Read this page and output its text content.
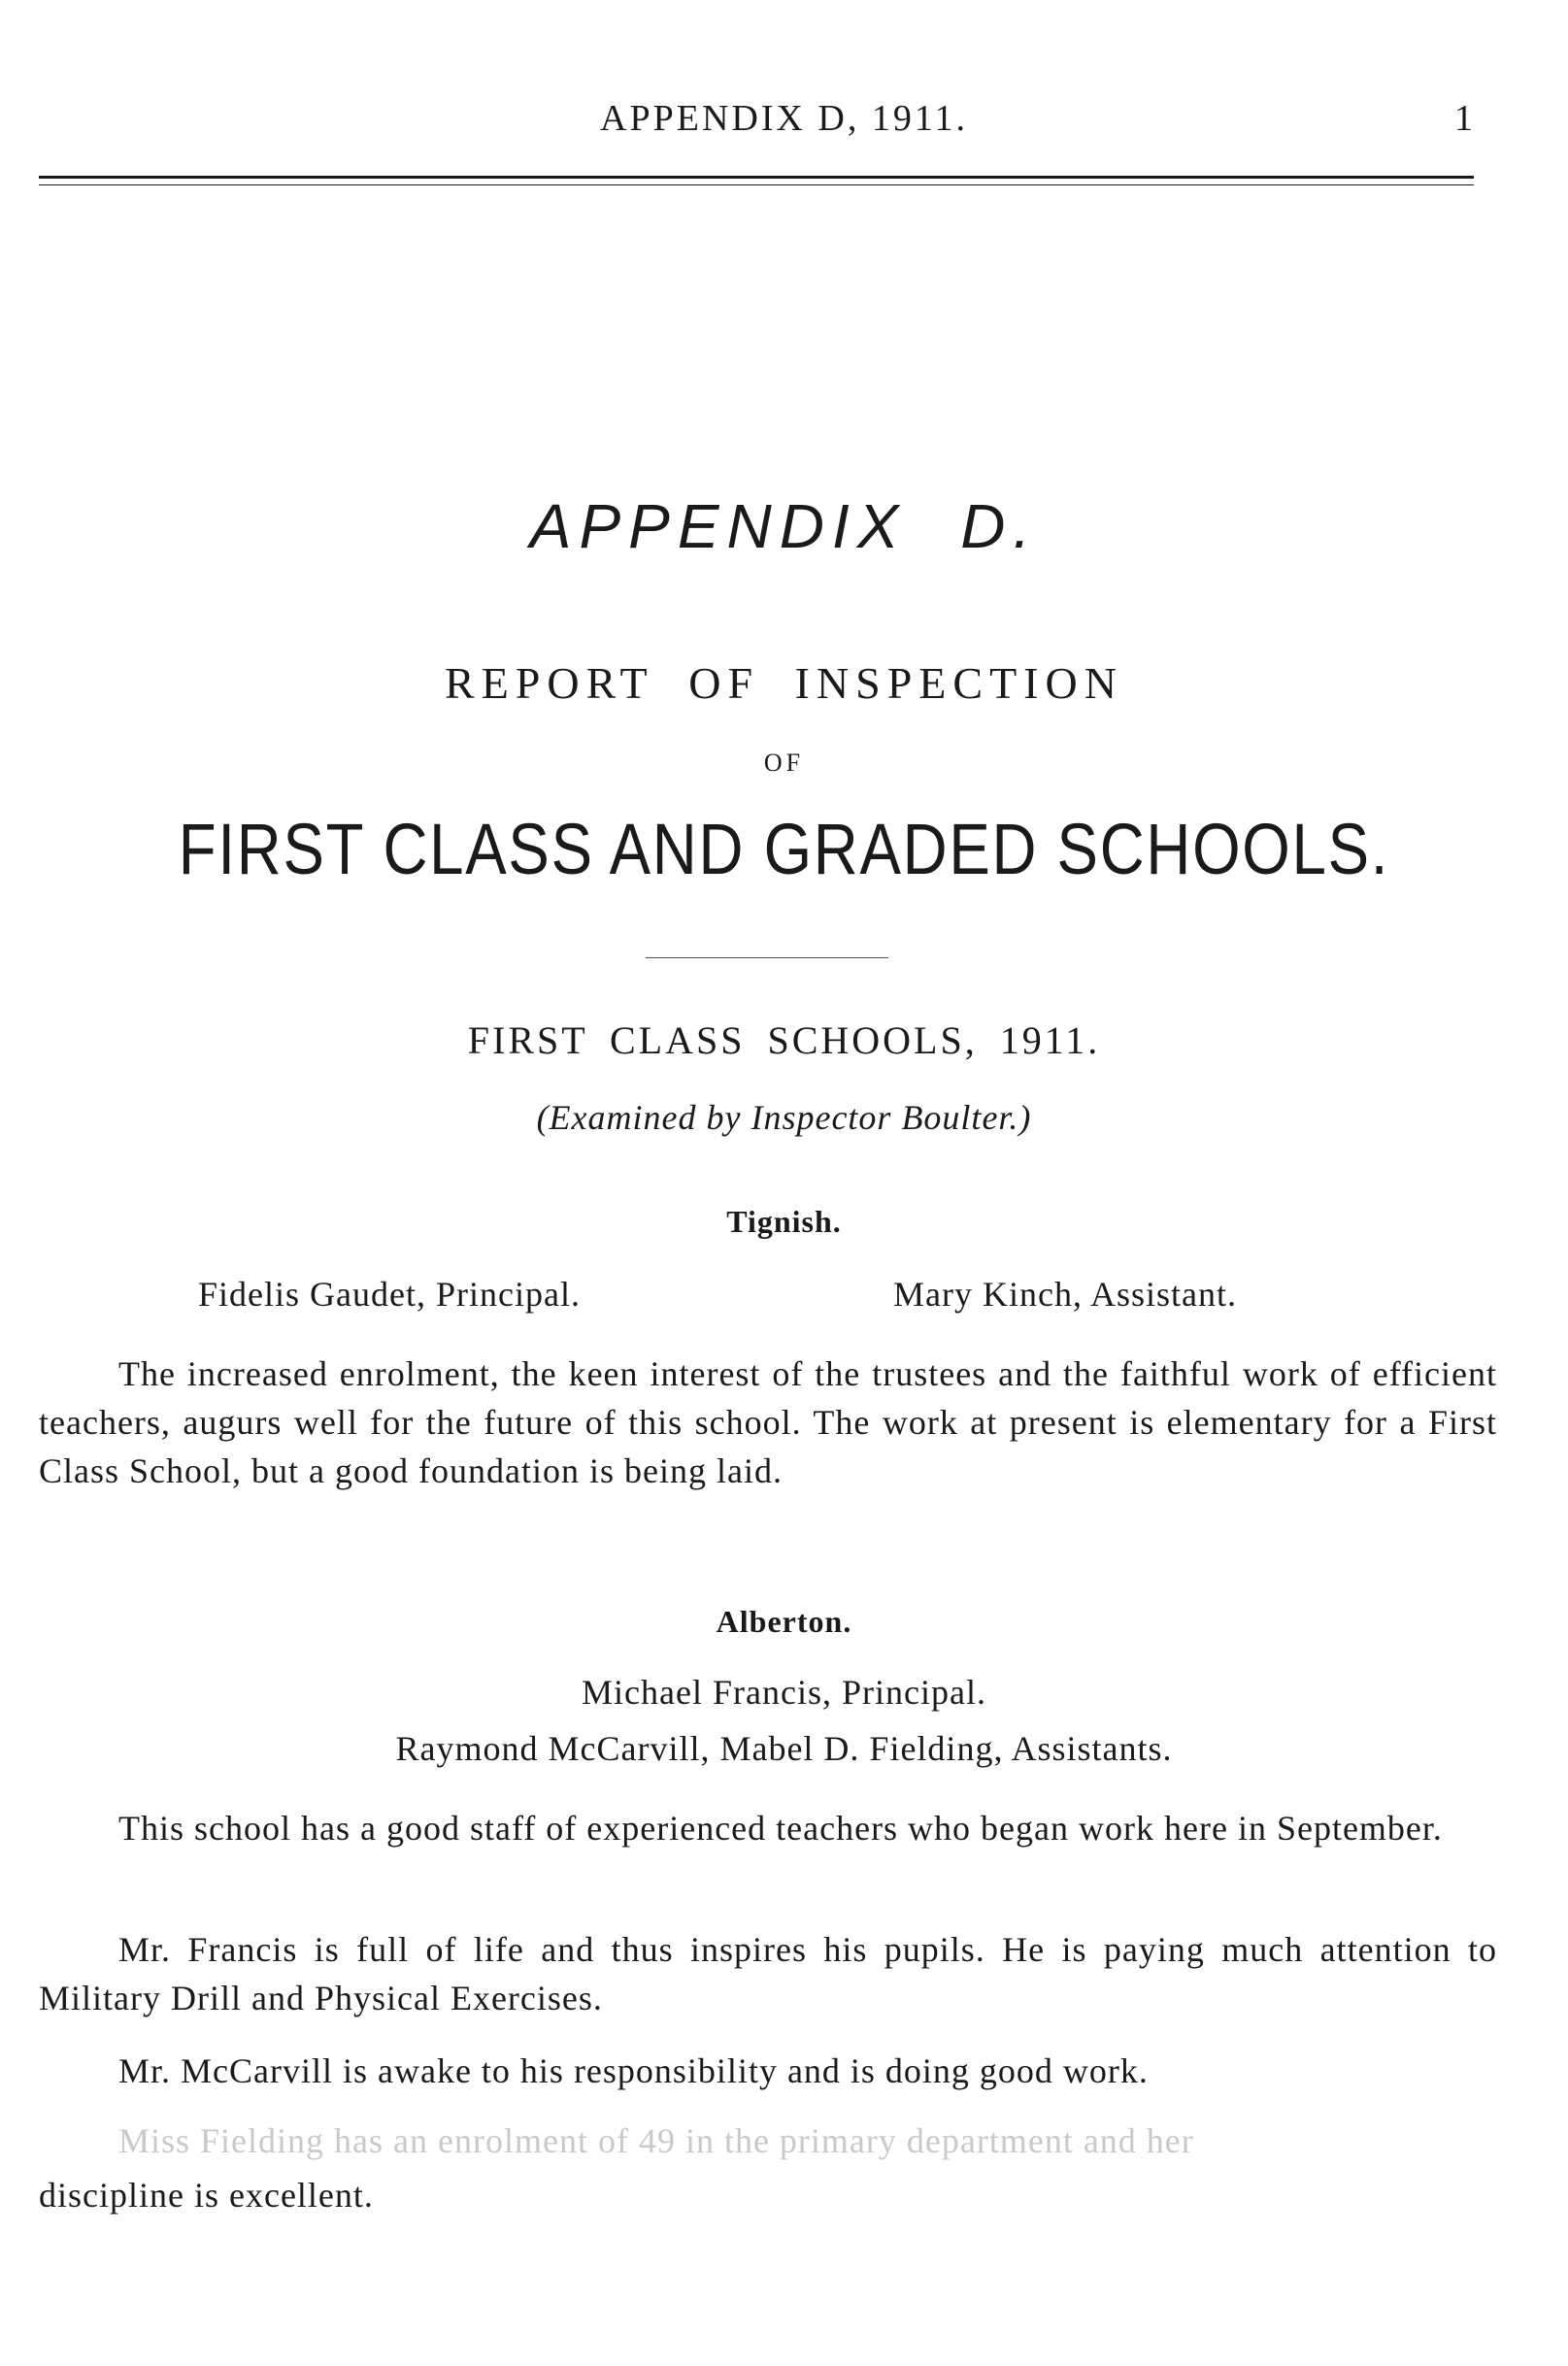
APPENDIX D, 1911.	1
APPENDIX D.
REPORT OF INSPECTION
OF
FIRST CLASS AND GRADED SCHOOLS.
FIRST CLASS SCHOOLS, 1911.
(Examined by Inspector Boulter.)
Tignish.
Fidelis Gaudet, Principal.	Mary Kinch, Assistant.
The increased enrolment, the keen interest of the trustees and the faithful work of efficient teachers, augurs well for the future of this school. The work at present is elementary for a First Class School, but a good foundation is being laid.
Alberton.
Michael Francis, Principal.
Raymond McCarvill, Mabel D. Fielding, Assistants.
This school has a good staff of experienced teachers who began work here in September.
Mr. Francis is full of life and thus inspires his pupils. He is paying much attention to Military Drill and Physical Exercises.
Mr. McCarvill is awake to his responsibility and is doing good work.
Miss Fielding has an enrolment of 49 in the primary department and her
discipline is excellent.
